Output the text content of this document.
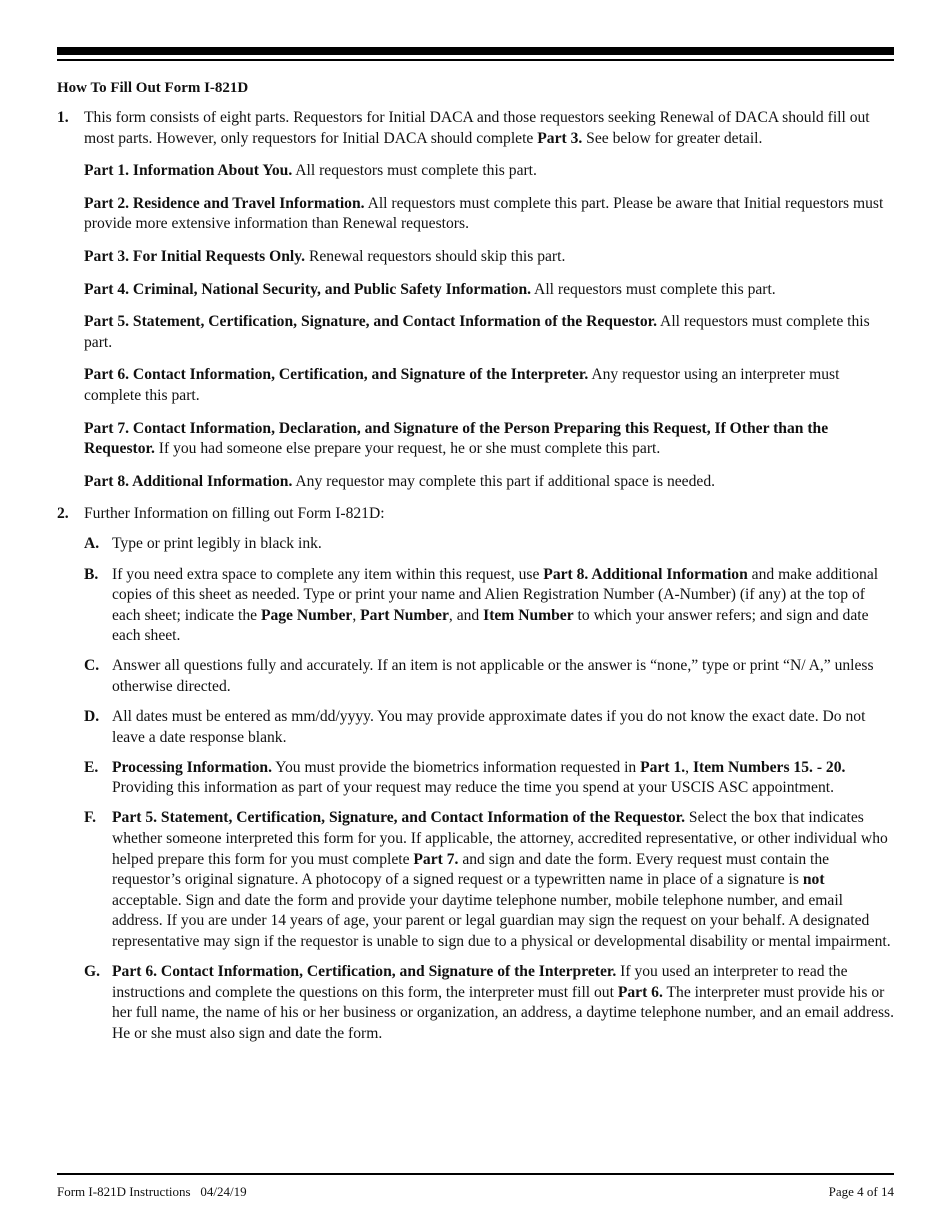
How To Fill Out Form I-821D
1. This form consists of eight parts. Requestors for Initial DACA and those requestors seeking Renewal of DACA should fill out most parts. However, only requestors for Initial DACA should complete Part 3. See below for greater detail.

Part 1. Information About You. All requestors must complete this part.

Part 2. Residence and Travel Information. All requestors must complete this part. Please be aware that Initial requestors must provide more extensive information than Renewal requestors.

Part 3. For Initial Requests Only. Renewal requestors should skip this part.

Part 4. Criminal, National Security, and Public Safety Information. All requestors must complete this part.

Part 5. Statement, Certification, Signature, and Contact Information of the Requestor. All requestors must complete this part.

Part 6. Contact Information, Certification, and Signature of the Interpreter. Any requestor using an interpreter must complete this part.

Part 7. Contact Information, Declaration, and Signature of the Person Preparing this Request, If Other than the Requestor. If you had someone else prepare your request, he or she must complete this part.

Part 8. Additional Information. Any requestor may complete this part if additional space is needed.

2. Further Information on filling out Form I-821D:
A. Type or print legibly in black ink.
B. If you need extra space to complete any item within this request, use Part 8. Additional Information and make additional copies of this sheet as needed. Type or print your name and Alien Registration Number (A-Number) (if any) at the top of each sheet; indicate the Page Number, Part Number, and Item Number to which your answer refers; and sign and date each sheet.
C. Answer all questions fully and accurately. If an item is not applicable or the answer is “none,” type or print “N/ A,” unless otherwise directed.
D. All dates must be entered as mm/dd/yyyy. You may provide approximate dates if you do not know the exact date. Do not leave a date response blank.
E. Processing Information. You must provide the biometrics information requested in Part 1., Item Numbers 15. - 20. Providing this information as part of your request may reduce the time you spend at your USCIS ASC appointment.
F. Part 5. Statement, Certification, Signature, and Contact Information of the Requestor. Select the box that indicates whether someone interpreted this form for you. If applicable, the attorney, accredited representative, or other individual who helped prepare this form for you must complete Part 7. and sign and date the form. Every request must contain the requestor’s original signature. A photocopy of a signed request or a typewritten name in place of a signature is not acceptable. Sign and date the form and provide your daytime telephone number, mobile telephone number, and email address. If you are under 14 years of age, your parent or legal guardian may sign the request on your behalf. A designated representative may sign if the requestor is unable to sign due to a physical or developmental disability or mental impairment.
G. Part 6. Contact Information, Certification, and Signature of the Interpreter. If you used an interpreter to read the instructions and complete the questions on this form, the interpreter must fill out Part 6. The interpreter must provide his or her full name, the name of his or her business or organization, an address, a daytime telephone number, and an email address. He or she must also sign and date the form.
Form I-821D Instructions   04/24/19	Page 4 of 14
